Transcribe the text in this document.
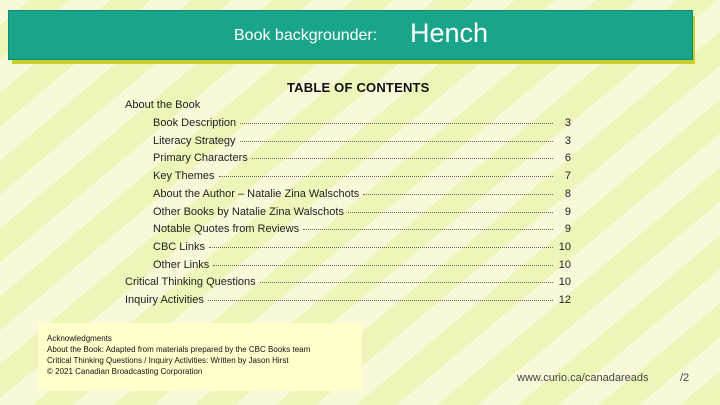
Book backgrounder: Hench
TABLE OF CONTENTS
About the Book
Book Description	3
Literacy Strategy	3
Primary Characters	6
Key Themes	7
About the Author – Natalie Zina Walschots	8
Other Books by Natalie Zina Walschots	9
Notable Quotes from Reviews	9
CBC Links	10
Other Links	10
Critical Thinking Questions	10
Inquiry Activities	12
Acknowledgments
About the Book: Adapted from materials prepared by the CBC Books team
Critical Thinking Questions / Inquiry Activities: Written by Jason Hirst
© 2021 Canadian Broadcasting Corporation
www.curio.ca/canadareads	/2
